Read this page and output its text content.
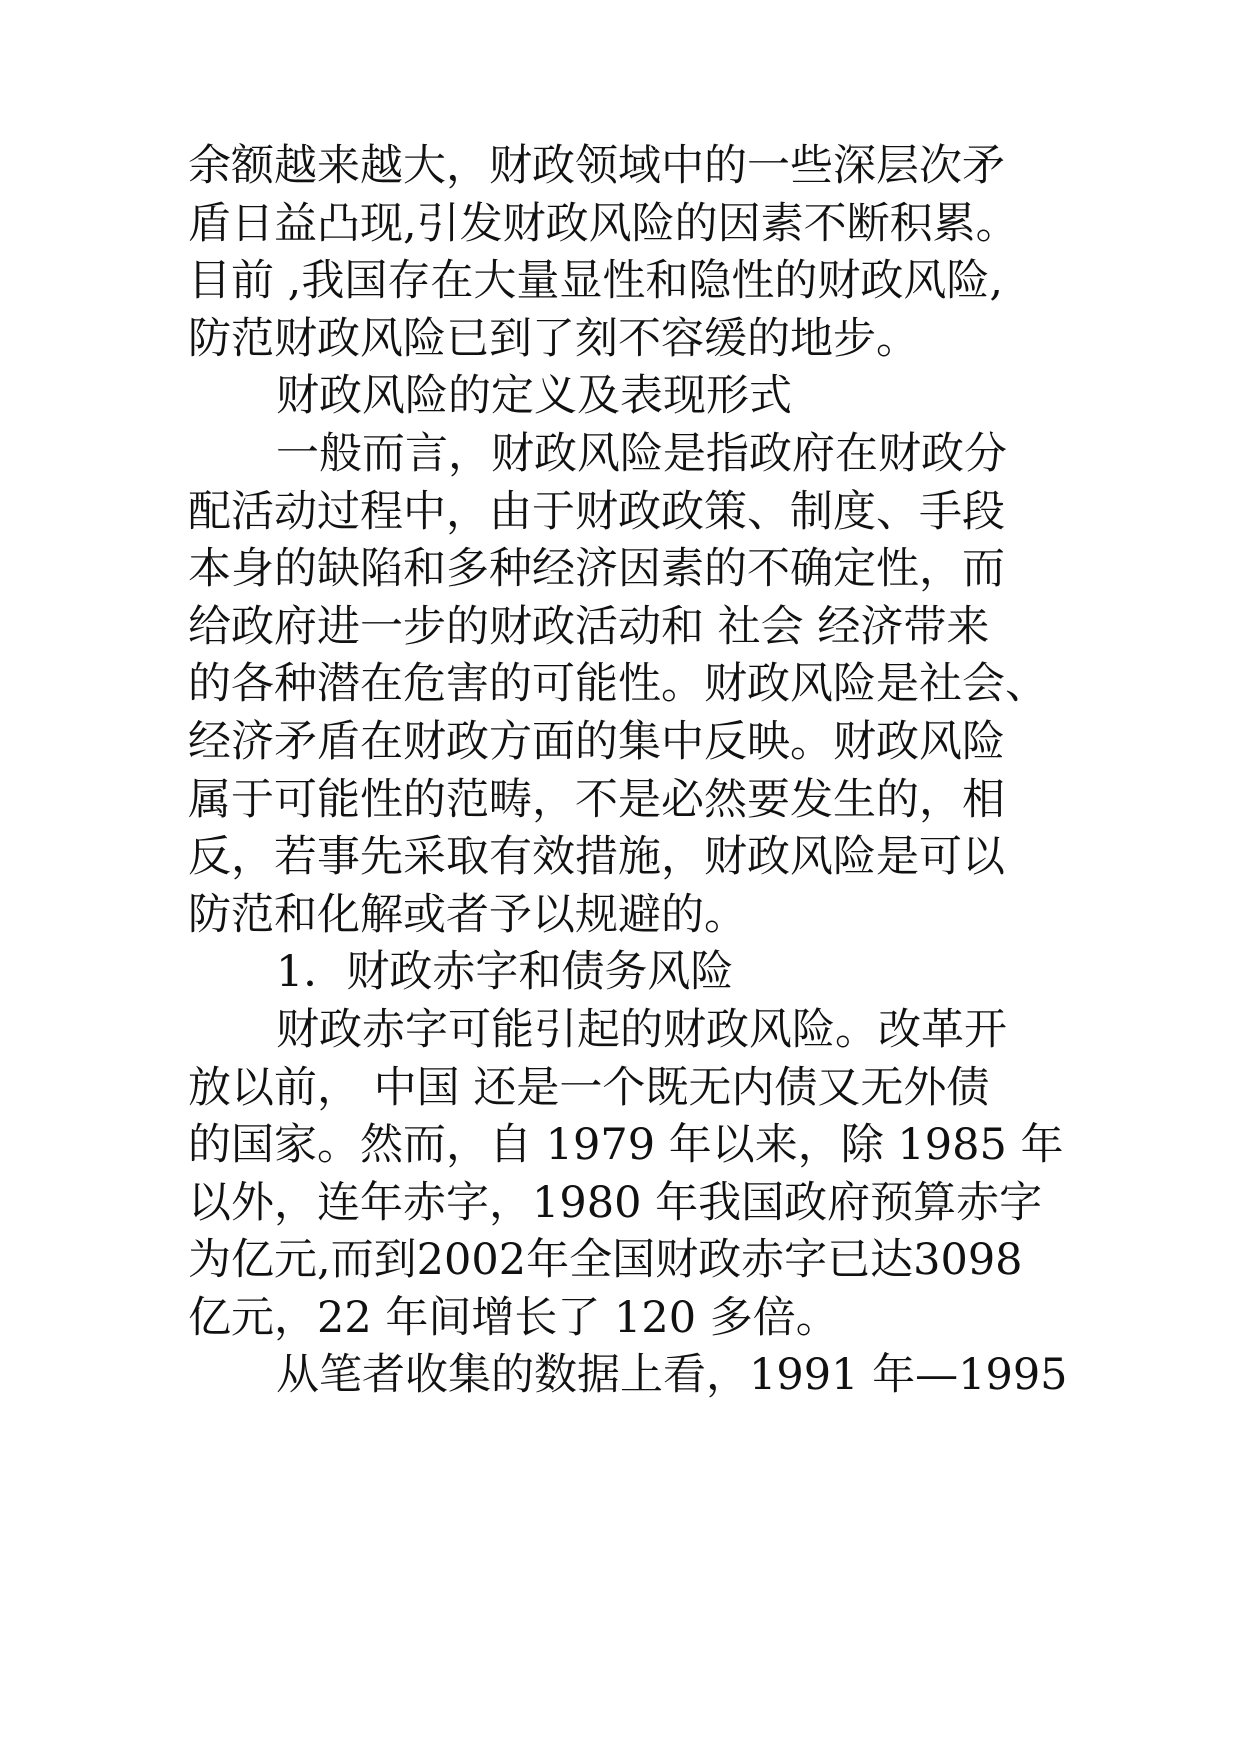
余额越来越大，财政领域中的一些深层次矛
盾日益凸现,引发财政风险的因素不断积累。
目前 ,我国存在大量显性和隐性的财政风险,
防范财政风险已到了刻不容缓的地步。
财政风险的定义及表现形式
一般而言，财政风险是指政府在财政分
配活动过程中，由于财政政策、制度、手段
本身的缺陷和多种经济因素的不确定性，而
给政府进一步的财政活动和 社会 经济带来
的各种潜在危害的可能性。财政风险是社会、
经济矛盾在财政方面的集中反映。财政风险
属于可能性的范畴，不是必然要发生的，相
反，若事先采取有效措施，财政风险是可以
防范和化解或者予以规避的。
1．财政赤字和债务风险
财政赤字可能引起的财政风险。改革开
放以前， 中国 还是一个既无内债又无外债
的国家。然而，自 1979 年以来，除 1985 年
以外，连年赤字，1980 年我国政府预算赤字
为亿元,而到2002年全国财政赤字已达3098
亿元，22 年间增长了 120 多倍。
从笔者收集的数据上看，1991 年—1995
